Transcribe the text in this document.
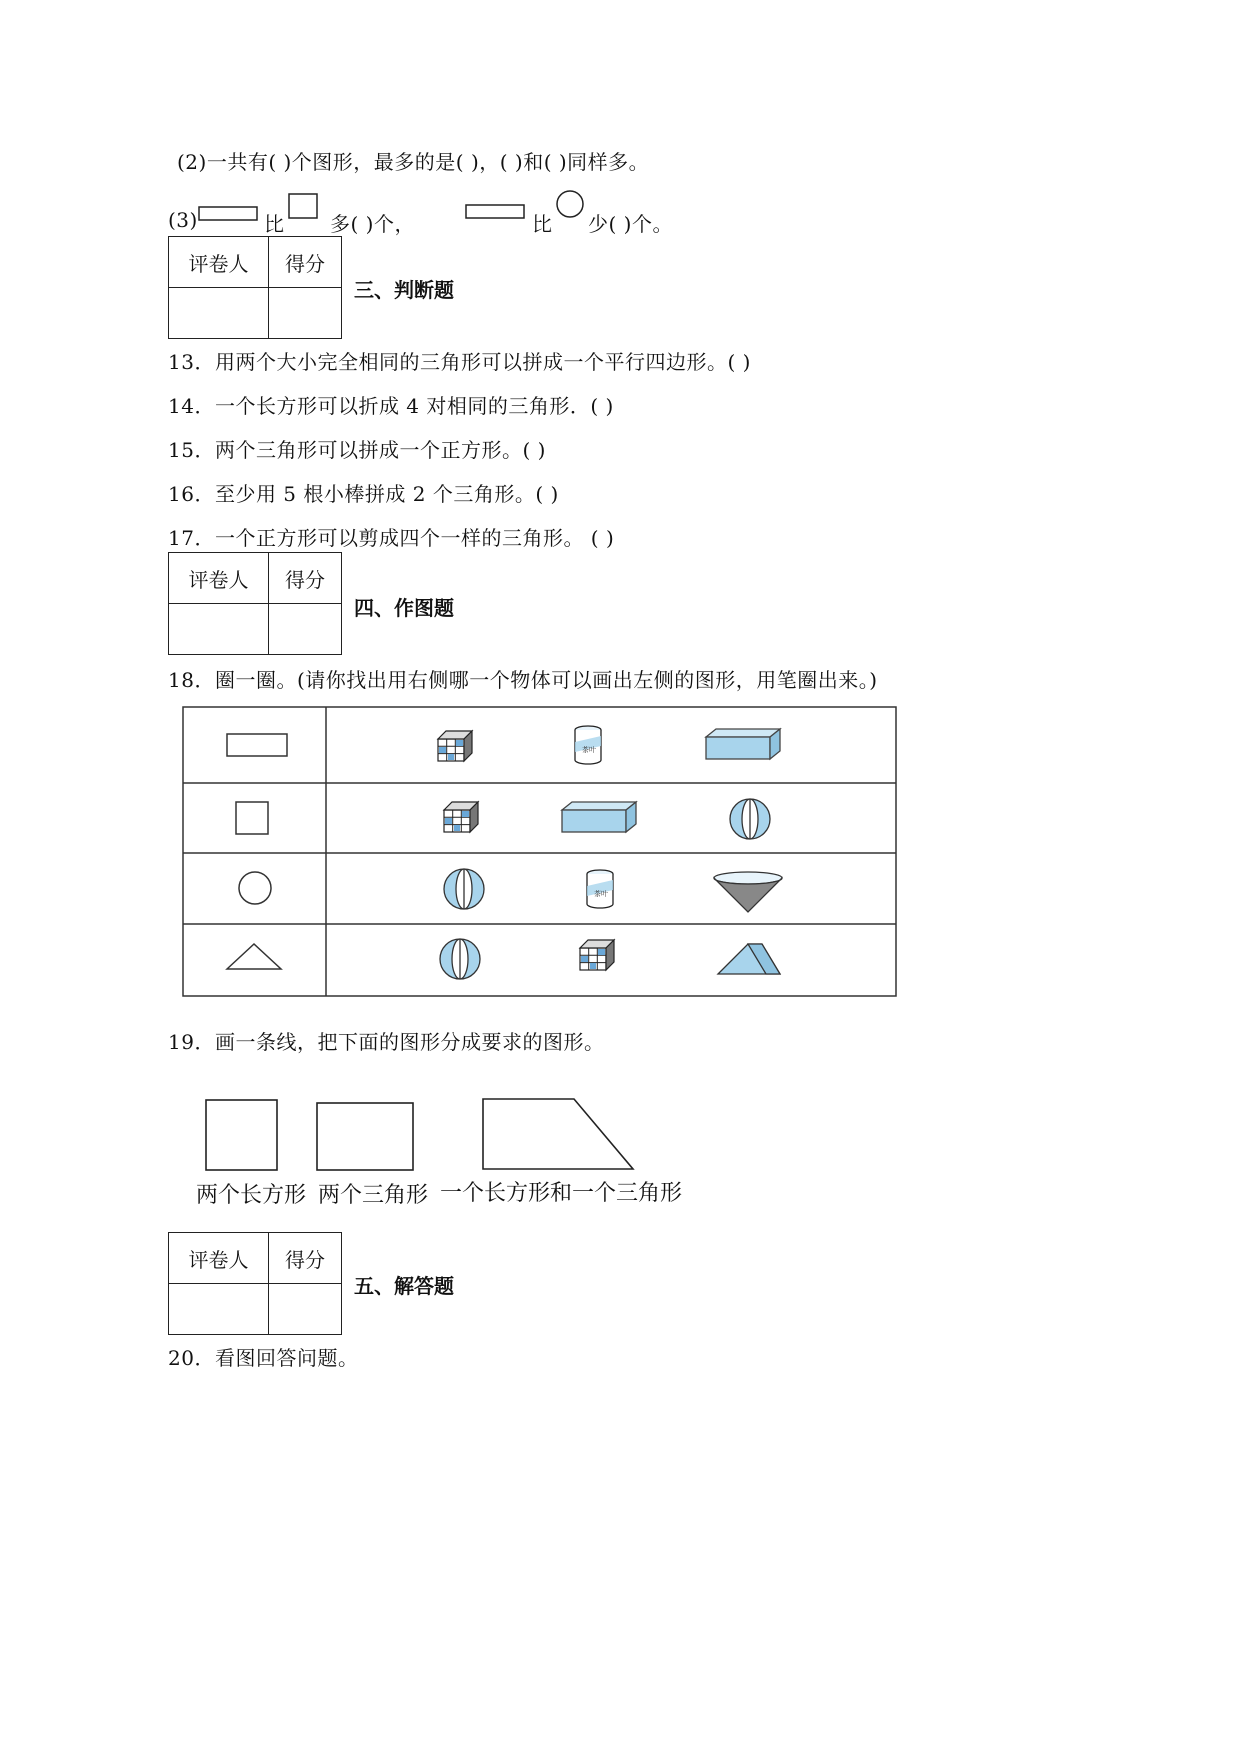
(2)一共有( )个图形，最多的是( )，( )和( )同样多。
(3)	比 多( )个，	比 少( )个。
评卷人	得分

三、判断题
13．用两个大小完全相同的三角形可以拼成一个平行四边形。( )
14．一个长方形可以折成 4 对相同的三角形．( )
15．两个三角形可以拼成一个正方形。( )
16．至少用 5 根小棒拼成 2 个三角形。( )
17．一个正方形可以剪成四个一样的三角形。 ( )
评卷人	得分

四、作图题
18．圈一圈。(请你找出用右侧哪一个物体可以画出左侧的图形，用笔圈出来。)
茶叶
19．画一条线，把下面的图形分成要求的图形。
两个长方形 两个三角形 一个长方形和一个三角形
评卷人	得分

五、解答题
20．看图回答问题。
